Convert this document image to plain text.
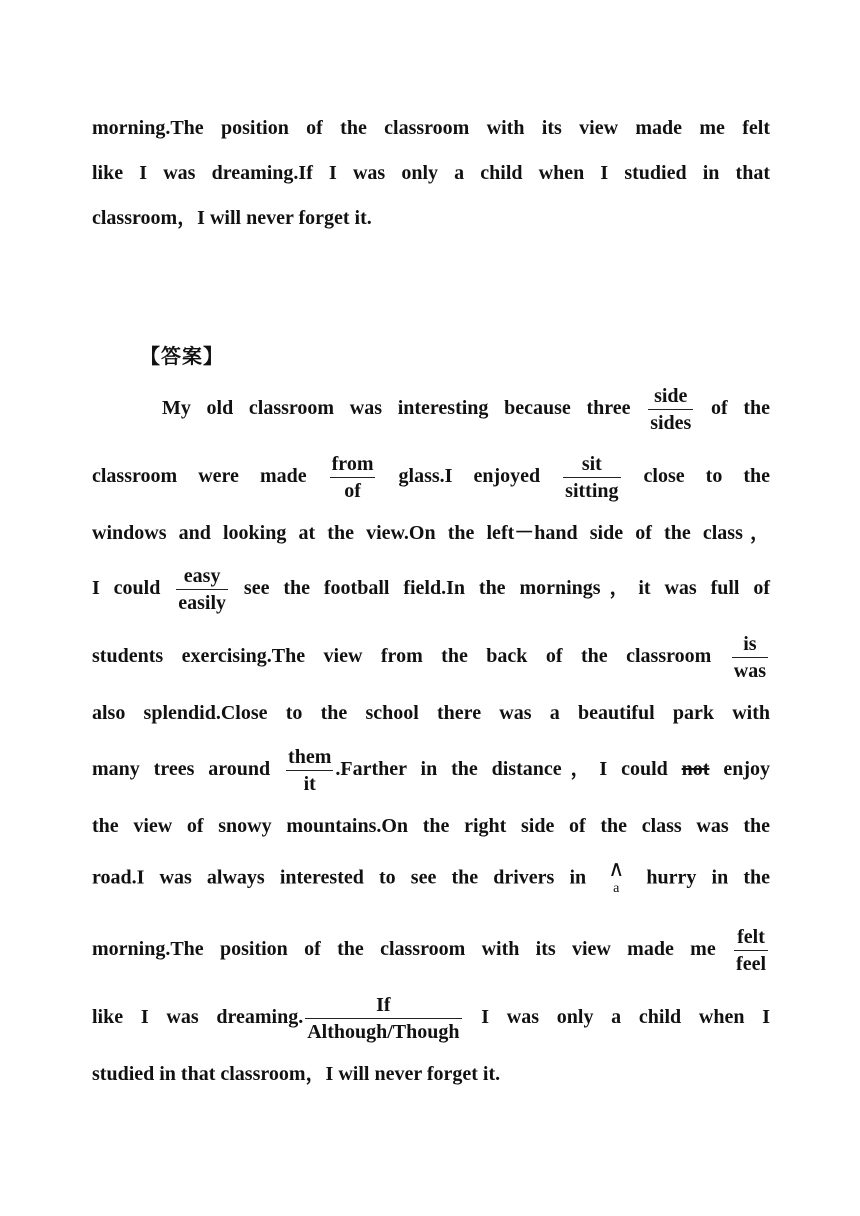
morning.The position of the classroom with its view made me felt
like I was dreaming.If I was only a child when I studied in that
classroom，I will never forget it.
【答案】
My old classroom was interesting because three $\frac{\text{side}}{\text{sides}}$ of the
classroom were made $\frac{\text{from}}{of}$ glass.I enjoyed $\frac{\text{sit}}{\text{sitting}}$ close to the
windows and looking at the view.On the left－hand side of the class，
I could $\frac{\text{easy}}{\text{easily}}$ see the football field.In the mornings，it was full of
students exercising.The view from the back of the classroom $\frac{is}{\text{was}}$
also splendid.Close to the school there was a beautiful park with
many trees around $\frac{\text{them}}{it}$ .Farther in the distance，I could not enjoy
the view of snowy mountains.On the right side of the class was the
road.I was always interested to see the drivers in ∧
a	hurry in the
morning.The position of the classroom with its view made me $\frac{\text{felt}}{\text{feel}}$
like I was dreaming. $\frac{If}{\text{Although/Though}}$ I was only a child when I
studied in that classroom，I will never forget it.
